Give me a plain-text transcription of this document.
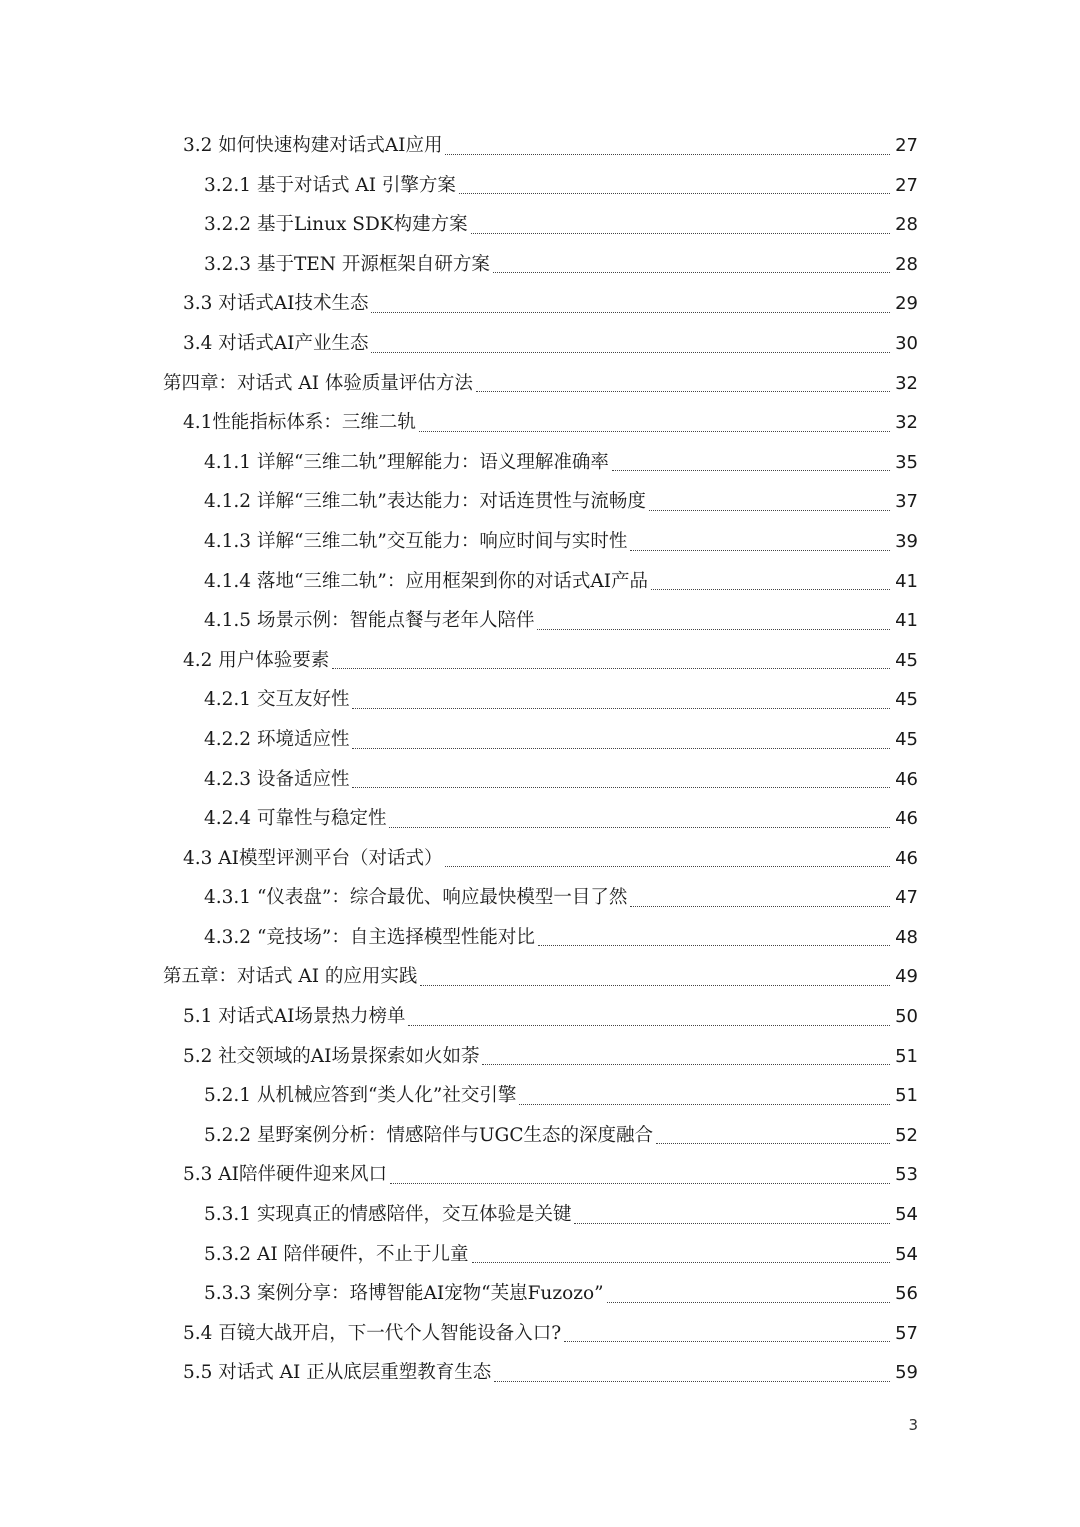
3.2 如何快速构建对话式AI应用	27
3.2.1 基于对话式 AI 引擎方案	27
3.2.2 基于Linux SDK构建方案	28
3.2.3 基于TEN 开源框架自研方案	28
3.3 对话式AI技术生态	29
3.4 对话式AI产业生态	30
第四章：对话式 AI 体验质量评估方法	32
4.1性能指标体系：三维二轨	32
4.1.1 详解“三维二轨”理解能力：语义理解准确率	35
4.1.2 详解“三维二轨”表达能力：对话连贯性与流畅度	37
4.1.3 详解“三维二轨”交互能力：响应时间与实时性	39
4.1.4 落地“三维二轨”：应用框架到你的对话式AI产品	41
4.1.5 场景示例：智能点餐与老年人陪伴	41
4.2 用户体验要素	45
4.2.1 交互友好性	45
4.2.2 环境适应性	45
4.2.3 设备适应性	46
4.2.4 可靠性与稳定性	46
4.3 AI模型评测平台（对话式）	46
4.3.1 “仪表盘”：综合最优、响应最快模型一目了然	47
4.3.2 “竞技场”：自主选择模型性能对比	48
第五章：对话式 AI 的应用实践	49
5.1 对话式AI场景热力榜单	50
5.2 社交领域的AI场景探索如火如荼	51
5.2.1 从机械应答到“类人化”社交引擎	51
5.2.2 星野案例分析：情感陪伴与UGC生态的深度融合	52
5.3 AI陪伴硬件迎来风口	53
5.3.1 实现真正的情感陪伴，交互体验是关键	54
5.3.2 AI 陪伴硬件，不止于儿童	54
5.3.3 案例分享：珞博智能AI宠物“芙崽Fuzozo”	56
5.4 百镜大战开启，下一代个人智能设备入口?	57
5.5 对话式 AI 正从底层重塑教育生态	59
3
